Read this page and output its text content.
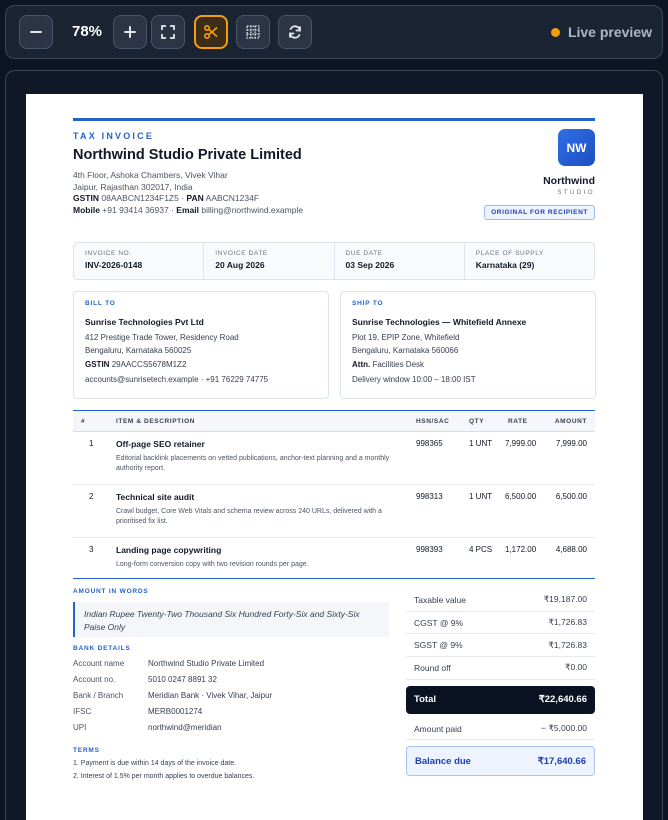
78%	Live preview
TAX INVOICE
Northwind Studio Private Limited
4th Floor, Ashoka Chambers, Vivek Vihar
Jaipur, Rajasthan 302017, India
GSTIN 08AABCN1234F1Z5 · PAN AABCN1234F
Mobile +91 93414 36937 · Email billing@northwind.example
NW
Northwind
STUDIO
ORIGINAL FOR RECIPIENT
INVOICE NO.
INV-2026-0148
INVOICE DATE
20 Aug 2026
DUE DATE
03 Sep 2026
PLACE OF SUPPLY
Karnataka (29)
BILL TO
Sunrise Technologies Pvt Ltd
412 Prestige Trade Tower, Residency Road
Bengaluru, Karnataka 560025
GSTIN 29AACCS5678M1Z2
accounts@sunrisetech.example · +91 76229 74775
SHIP TO
Sunrise Technologies — Whitefield Annexe
Plot 19, EPIP Zone, Whitefield
Bengaluru, Karnataka 560066
Attn. Facilities Desk
Delivery window 10:00 – 18:00 IST
#	ITEM & DESCRIPTION	HSN/SAC	QTY	RATE	AMOUNT
1	Off-page SEO retainer
Editorial backlink placements on vetted publications, anchor-text planning and a monthly authority report.	998365	1 UNT	7,999.00	7,999.00
2	Technical site audit
Crawl budget, Core Web Vitals and schema review across 240 URLs, delivered with a prioritised fix list.	998313	1 UNT	6,500.00	6,500.00
3	Landing page copywriting
Long-form conversion copy with two revision rounds per page.	998393	4 PCS	1,172.00	4,688.00
AMOUNT IN WORDS
Indian Rupee Twenty-Two Thousand Six Hundred Forty-Six and Sixty-Six Paise Only
BANK DETAILS
Account name	Northwind Studio Private Limited
Account no.	5010 0247 8891 32
Bank / Branch	Meridian Bank · Vivek Vihar, Jaipur
IFSC	MERB0001274
UPI	northwind@meridian
TERMS
1. Payment is due within 14 days of the invoice date.
2. Interest of 1.5% per month applies to overdue balances.
Taxable value	₹19,187.00
CGST @ 9%	₹1,726.83
SGST @ 9%	₹1,726.83
Round off	₹0.00
Total	₹22,640.66
Amount paid	− ₹5,000.00
Balance due	₹17,640.66
